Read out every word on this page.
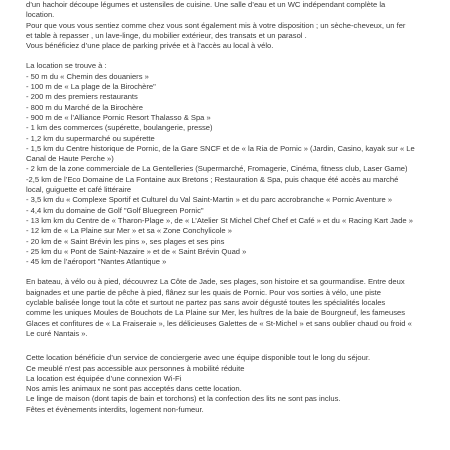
d’un hachoir découpe légumes et ustensiles de cuisine. Une salle d’eau et un WC indépendant complète la
location.
Pour que vous vous sentiez comme chez vous sont également mis à votre disposition ; un sèche-cheveux, un fer
et table à repasser , un lave-linge, du mobilier extérieur, des transats et un parasol .
Vous bénéficiez d’une place de parking privée et à l’accès au local à vélo.
La location se trouve à :
- 50 m du « Chemin des douaniers »
- 100 m de « La plage de la Birochère"
- 200 m des premiers restaurants
- 800 m du Marché de la Birochère
- 900 m de « l’Alliance Pornic Resort Thalasso & Spa »
- 1 km des commerces (supérette, boulangerie, presse)
- 1,2 km du supermarché ou supérette
- 1,5 km du Centre historique de Pornic, de la Gare SNCF et de « la Ria de Pornic » (Jardin, Casino, kayak sur « Le
Canal de Haute Perche »)
- 2 km de la zone commerciale de La Gentelleries (Supermarché, Fromagerie, Cinéma, fitness club, Laser Game)
-2,5 km de l’Eco Domaine de La Fontaine aux Bretons ; Restauration & Spa, puis chaque été accès au marché
local, guiguette et café littéraire
- 3,5 km du « Complexe Sportif et Culturel du Val Saint-Martin » et du parc accrobranche « Pornic Aventure »
- 4,4 km du domaine de Golf "Golf Bluegreen Pornic"
- 13 km km du Centre de « Tharon-Plage », de « L’Atelier St Michel Chef Chef et Café » et du « Racing Kart Jade »
- 12 km de « La Plaine sur Mer » et sa « Zone Conchylicole »
- 20 km de « Saint Brévin les pins », ses plages et ses pins
- 25 km du « Pont de Saint-Nazaire » et de « Saint Brévin Quad »
- 45 km de l’aéroport "Nantes Atlantique »
En bateau, à vélo ou à pied, découvrez La Côte de Jade, ses plages, son histoire et sa gourmandise. Entre deux
baignades et une partie de pêche à pied, flânez sur les quais de Pornic. Pour vos sorties à vélo, une piste
cyclable balisée longe tout la côte et surtout ne partez pas sans avoir dégusté toutes les spécialités locales
comme les uniques Moules de Bouchots de La Plaine sur Mer, les huîtres de la baie de Bourgneuf, les fameuses
Glaces et confitures de « La Fraiseraie », les délicieuses Galettes de « St-Michel » et sans oublier chaud ou froid «
Le curé Nantais ».
Cette location bénéficie d’un service de conciergerie avec une équipe disponible tout le long du séjour.
Ce meublé n'est pas accessible aux personnes à mobilité réduite
La location est équipée d’une connexion Wi-Fi
Nos amis les animaux ne sont pas acceptés dans cette location.
Le linge de maison (dont tapis de bain et torchons) et la confection des lits ne sont pas inclus.
Fêtes et évènements interdits, logement non-fumeur.
